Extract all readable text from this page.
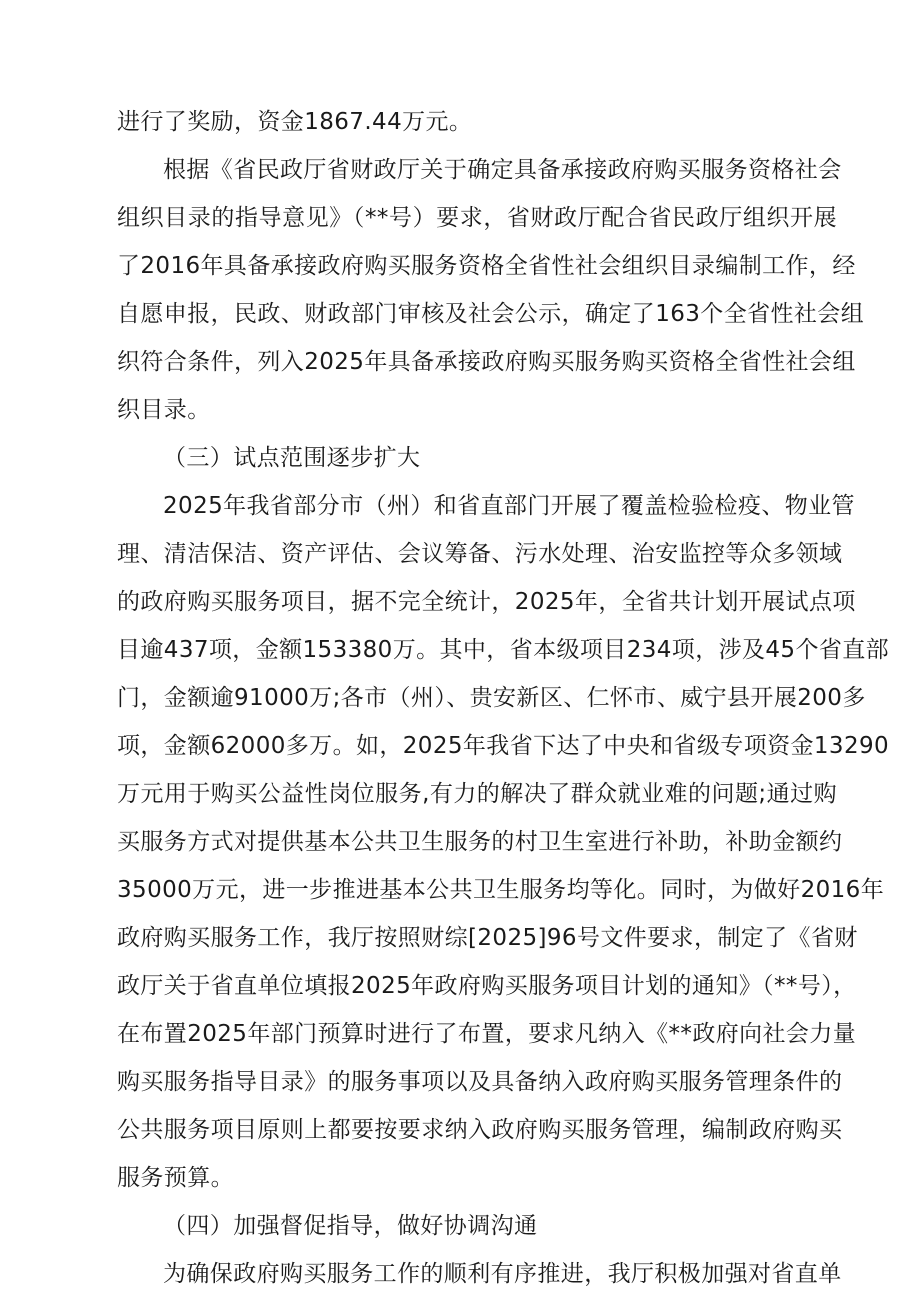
进行了奖励，资金1867.44万元。
根据《省民政厅省财政厅关于确定具备承接政府购买服务资格社会
组织目录的指导意见》（**号）要求，省财政厅配合省民政厅组织开展
了2016年具备承接政府购买服务资格全省性社会组织目录编制工作，经
自愿申报，民政、财政部门审核及社会公示，确定了163个全省性社会组
织符合条件，列入2025年具备承接政府购买服务购买资格全省性社会组
织目录。
（三）试点范围逐步扩大
2025年我省部分市（州）和省直部门开展了覆盖检验检疫、物业管
理、清洁保洁、资产评估、会议筹备、污水处理、治安监控等众多领域
的政府购买服务项目，据不完全统计，2025年，全省共计划开展试点项
目逾437项，金额153380万。其中，省本级项目234项，涉及45个省直部
门，金额逾91000万;各市（州）、贵安新区、仁怀市、威宁县开展200多
项，金额62000多万。如，2025年我省下达了中央和省级专项资金13290
万元用于购买公益性岗位服务,有力的解决了群众就业难的问题;通过购
买服务方式对提供基本公共卫生服务的村卫生室进行补助，补助金额约
35000万元，进一步推进基本公共卫生服务均等化。同时，为做好2016年
政府购买服务工作，我厅按照财综[2025]96号文件要求，制定了《省财
政厅关于省直单位填报2025年政府购买服务项目计划的通知》（**号），
在布置2025年部门预算时进行了布置，要求凡纳入《**政府向社会力量
购买服务指导目录》的服务事项以及具备纳入政府购买服务管理条件的
公共服务项目原则上都要按要求纳入政府购买服务管理，编制政府购买
服务预算。
（四）加强督促指导，做好协调沟通
为确保政府购买服务工作的顺利有序推进，我厅积极加强对省直单
